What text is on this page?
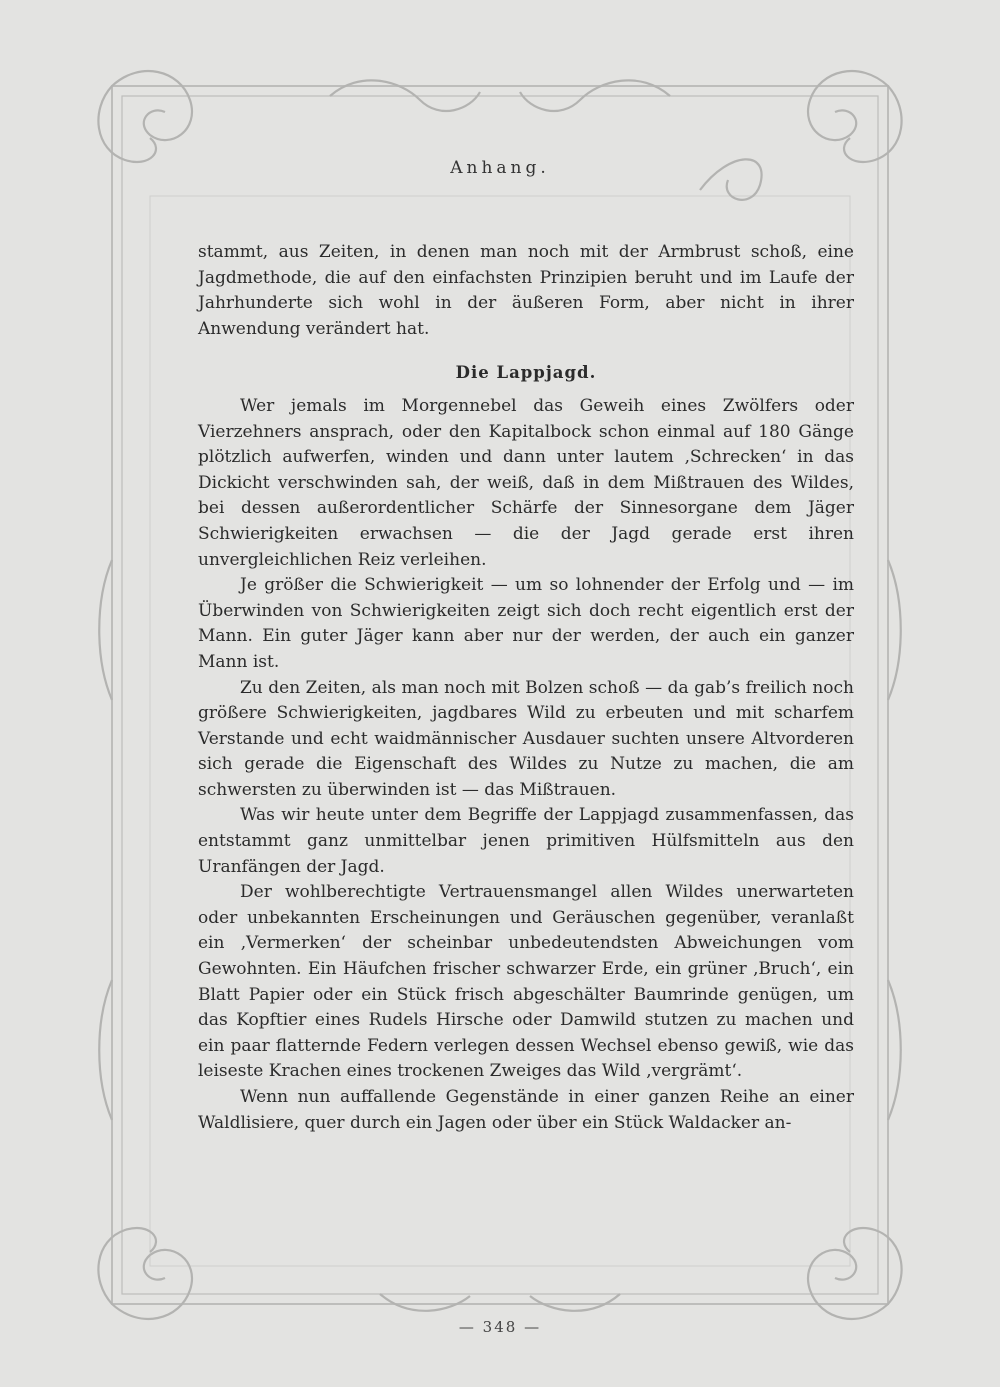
Anhang.

stammt, aus Zeiten, in denen man noch mit der Armbrust schoß, eine Jagdmethode, die auf den einfachsten Prinzipien beruht und im Laufe der Jahrhunderte sich wohl in der äußeren Form, aber nicht in ihrer Anwendung verändert hat.

Die Lappjagd.

Wer jemals im Morgennebel das Geweih eines Zwölfers oder Vierzehners ansprach, oder den Kapitalbock schon einmal auf 180 Gänge plötzlich aufwerfen, winden und dann unter lautem ‚Schrecken‘ in das Dickicht verschwinden sah, der weiß, daß in dem Mißtrauen des Wildes, bei dessen außerordentlicher Schärfe der Sinnesorgane dem Jäger Schwierigkeiten erwachsen — die der Jagd gerade erst ihren unvergleichlichen Reiz verleihen.

Je größer die Schwierigkeit — um so lohnender der Erfolg und — im Überwinden von Schwierigkeiten zeigt sich doch recht eigentlich erst der Mann. Ein guter Jäger kann aber nur der werden, der auch ein ganzer Mann ist.

Zu den Zeiten, als man noch mit Bolzen schoß — da gab’s freilich noch größere Schwierigkeiten, jagdbares Wild zu erbeuten und mit scharfem Verstande und echt waidmännischer Ausdauer suchten unsere Altvorderen sich gerade die Eigenschaft des Wildes zu Nutze zu machen, die am schwersten zu überwinden ist — das Mißtrauen.

Was wir heute unter dem Begriffe der Lappjagd zusammenfassen, das entstammt ganz unmittelbar jenen primitiven Hülfsmitteln aus den Uranfängen der Jagd.

Der wohlberechtigte Vertrauensmangel allen Wildes unerwarteten oder unbekannten Erscheinungen und Geräuschen gegenüber, veranlaßt ein ‚Vermerken‘ der scheinbar unbedeutendsten Abweichungen vom Gewohnten. Ein Häufchen frischer schwarzer Erde, ein grüner ‚Bruch‘, ein Blatt Papier oder ein Stück frisch abgeschälter Baumrinde genügen, um das Kopftier eines Rudels Hirsche oder Damwild stutzen zu machen und ein paar flatternde Federn verlegen dessen Wechsel ebenso gewiß, wie das leiseste Krachen eines trockenen Zweiges das Wild ‚vergrämt‘.

Wenn nun auffallende Gegenstände in einer ganzen Reihe an einer Waldlisiere, quer durch ein Jagen oder über ein Stück Waldacker an-

— 348 —
